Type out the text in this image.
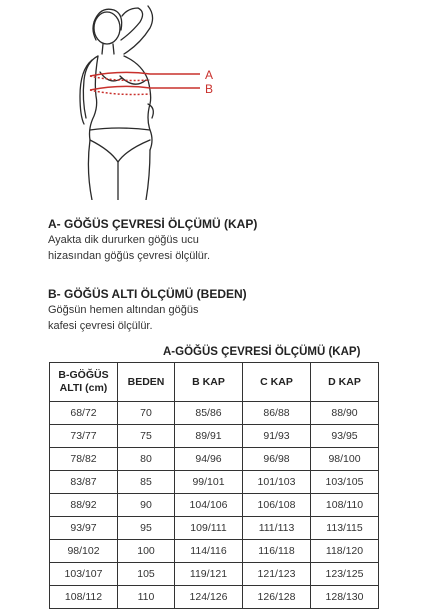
A
B
A- GÖĞÜS ÇEVRESİ ÖLÇÜMÜ (KAP)
Ayakta dik dururken göğüs ucu
hizasından göğüs çevresi ölçülür.
B- GÖĞÜS ALTI ÖLÇÜMÜ (BEDEN)
Göğsün hemen altından göğüs
kafesi çevresi ölçülür.
A-GÖĞÜS ÇEVRESİ ÖLÇÜMÜ (KAP)
B-GÖĞÜS
ALTI (cm)	BEDEN	B KAP	C KAP	D KAP
68/72	70	85/86	86/88	88/90
73/77	75	89/91	91/93	93/95
78/82	80	94/96	96/98	98/100
83/87	85	99/101	101/103	103/105
88/92	90	104/106	106/108	108/110
93/97	95	109/111	111/113	113/115
98/102	100	114/116	116/118	118/120
103/107	105	119/121	121/123	123/125
108/112	110	124/126	126/128	128/130
